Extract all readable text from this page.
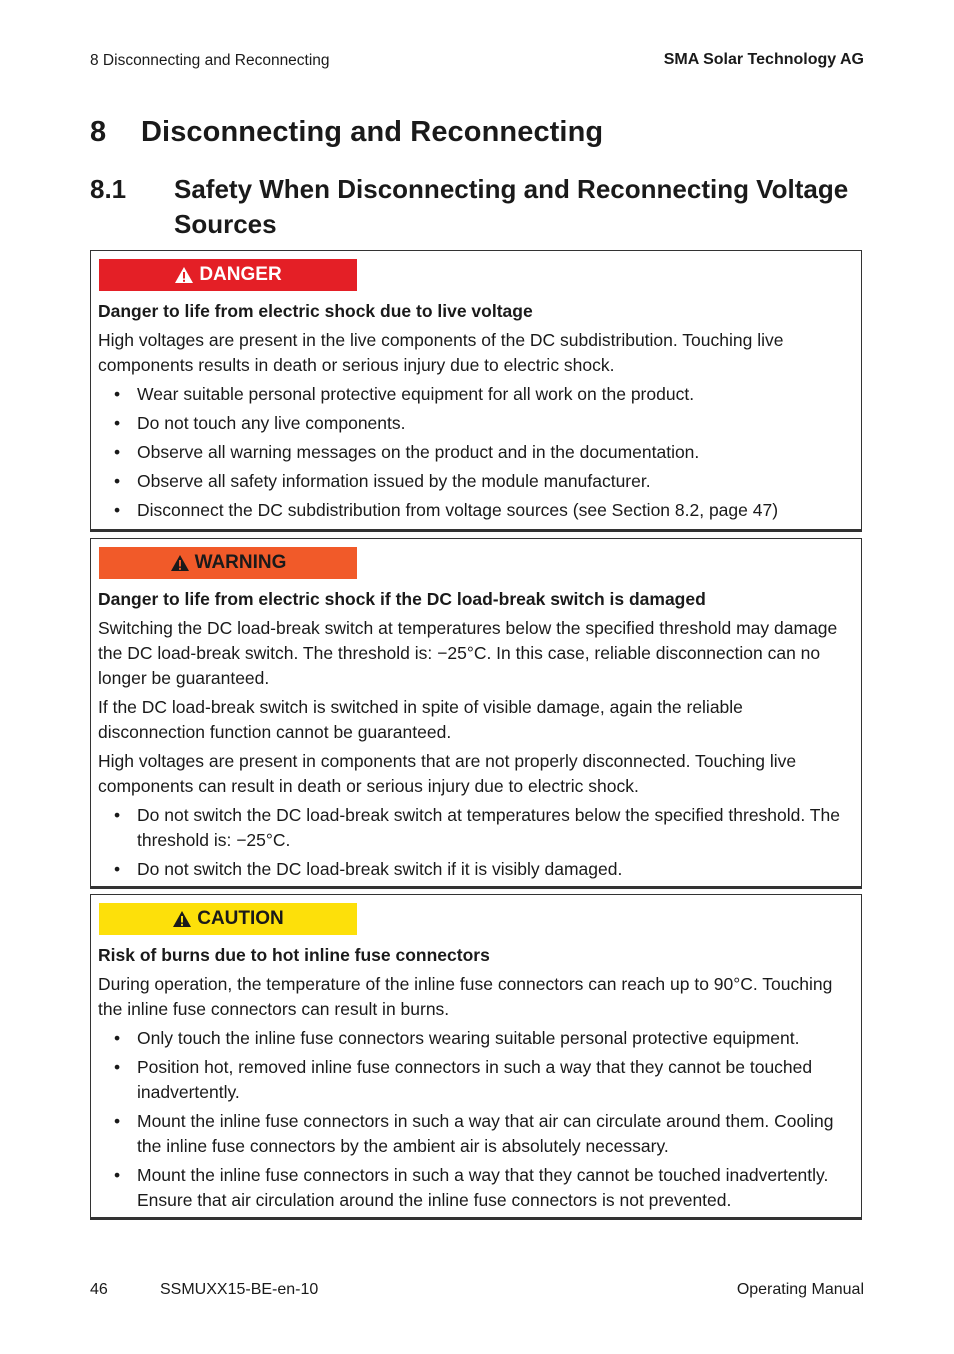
8 Disconnecting and Reconnecting	SMA Solar Technology AG
8 Disconnecting and Reconnecting
8.1 Safety When Disconnecting and Reconnecting Voltage Sources
DANGER
Danger to life from electric shock due to live voltage

High voltages are present in the live components of the DC subdistribution. Touching live components results in death or serious injury due to electric shock.

• Wear suitable personal protective equipment for all work on the product.
• Do not touch any live components.
• Observe all warning messages on the product and in the documentation.
• Observe all safety information issued by the module manufacturer.
• Disconnect the DC subdistribution from voltage sources (see Section 8.2, page 47)
WARNING
Danger to life from electric shock if the DC load-break switch is damaged

Switching the DC load-break switch at temperatures below the specified threshold may damage the DC load-break switch. The threshold is: −25°C. In this case, reliable disconnection can no longer be guaranteed.

If the DC load-break switch is switched in spite of visible damage, again the reliable disconnection function cannot be guaranteed.

High voltages are present in components that are not properly disconnected. Touching live components can result in death or serious injury due to electric shock.

• Do not switch the DC load-break switch at temperatures below the specified threshold. The threshold is: −25°C.
• Do not switch the DC load-break switch if it is visibly damaged.
CAUTION
Risk of burns due to hot inline fuse connectors

During operation, the temperature of the inline fuse connectors can reach up to 90°C. Touching the inline fuse connectors can result in burns.

• Only touch the inline fuse connectors wearing suitable personal protective equipment.
• Position hot, removed inline fuse connectors in such a way that they cannot be touched inadvertently.
• Mount the inline fuse connectors in such a way that air can circulate around them. Cooling the inline fuse connectors by the ambient air is absolutely necessary.
• Mount the inline fuse connectors in such a way that they cannot be touched inadvertently. Ensure that air circulation around the inline fuse connectors is not prevented.
46	SSMUXX15-BE-en-10	Operating Manual
